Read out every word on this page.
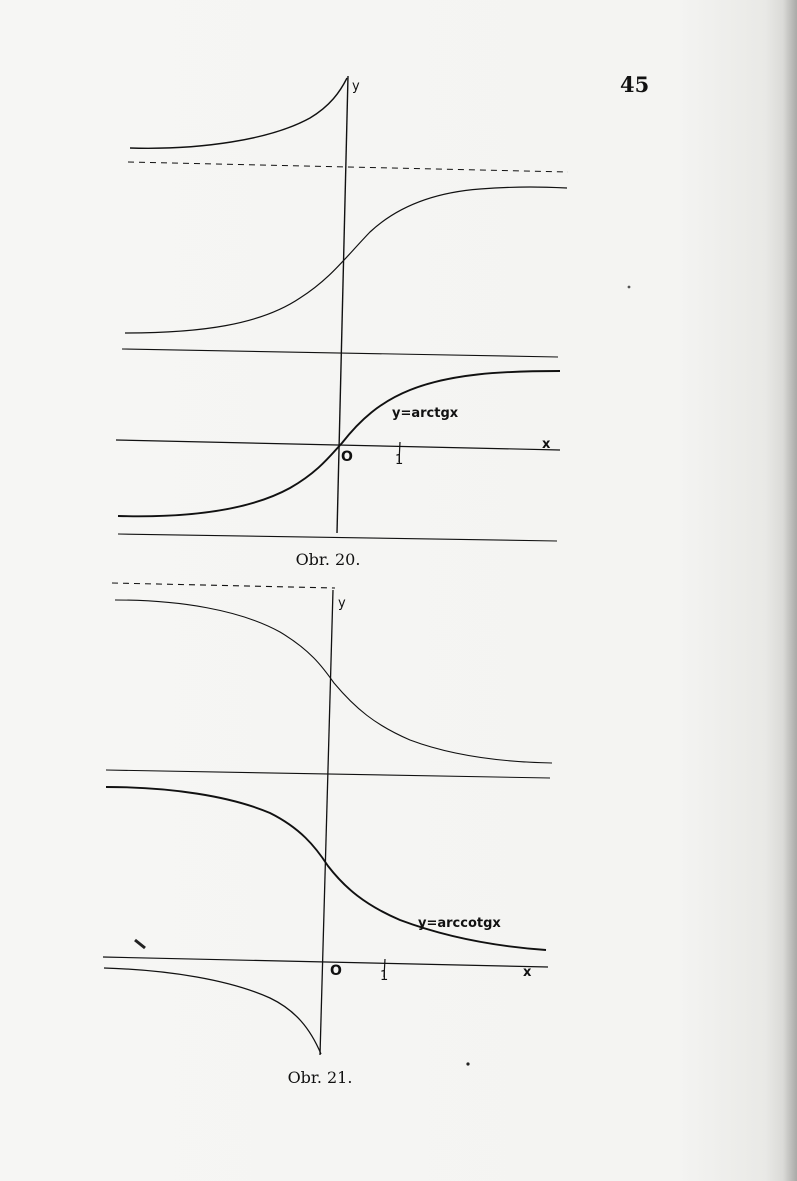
45
y
y=arctgx
x
O	1
y
y=arccotgx
x
O	1
Obr. 20.
Obr. 21.
